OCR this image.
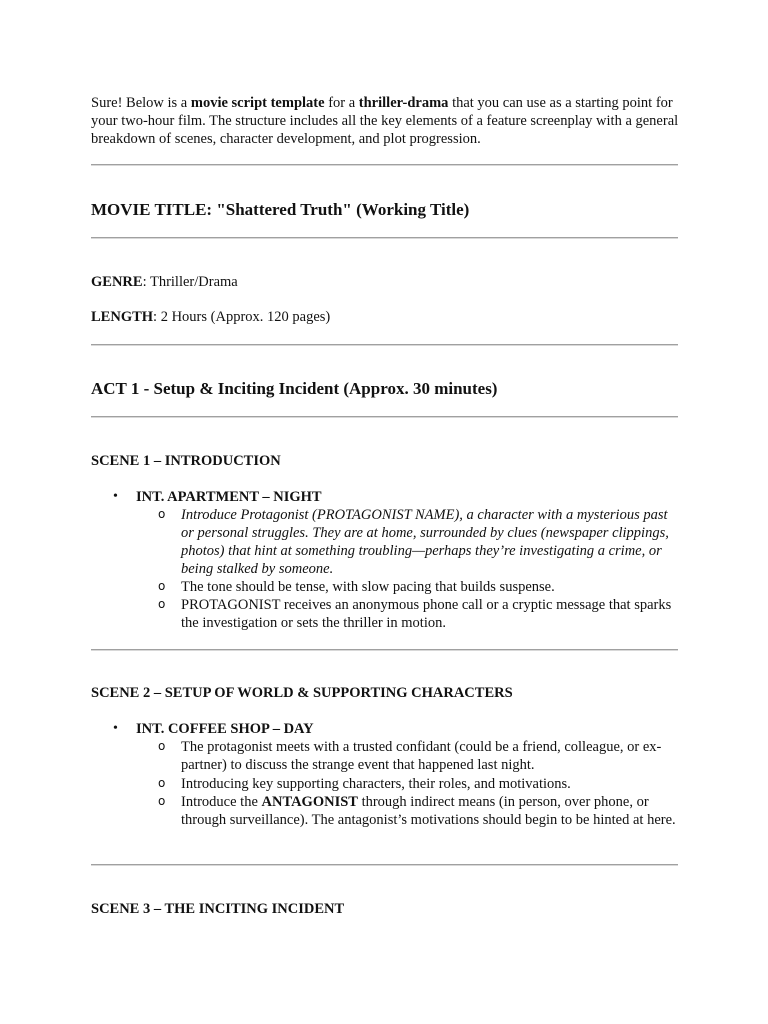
Sure! Below is a movie script template for a thriller-drama that you can use as a starting point for your two-hour film. The structure includes all the key elements of a feature screenplay with a general breakdown of scenes, character development, and plot progression.
MOVIE TITLE: "Shattered Truth" (Working Title)
GENRE: Thriller/Drama
LENGTH: 2 Hours (Approx. 120 pages)
ACT 1 - Setup & Inciting Incident (Approx. 30 minutes)
SCENE 1 – INTRODUCTION
• INT. APARTMENT – NIGHT
o Introduce Protagonist (PROTAGONIST NAME), a character with a mysterious past or personal struggles. They are at home, surrounded by clues (newspaper clippings, photos) that hint at something troubling—perhaps they’re investigating a crime, or being stalked by someone.
o The tone should be tense, with slow pacing that builds suspense.
o PROTAGONIST receives an anonymous phone call or a cryptic message that sparks the investigation or sets the thriller in motion.
SCENE 2 – SETUP OF WORLD & SUPPORTING CHARACTERS
• INT. COFFEE SHOP – DAY
o The protagonist meets with a trusted confidant (could be a friend, colleague, or ex-partner) to discuss the strange event that happened last night.
o Introducing key supporting characters, their roles, and motivations.
o Introduce the ANTAGONIST through indirect means (in person, over phone, or through surveillance). The antagonist’s motivations should begin to be hinted at here.
SCENE 3 – THE INCITING INCIDENT
